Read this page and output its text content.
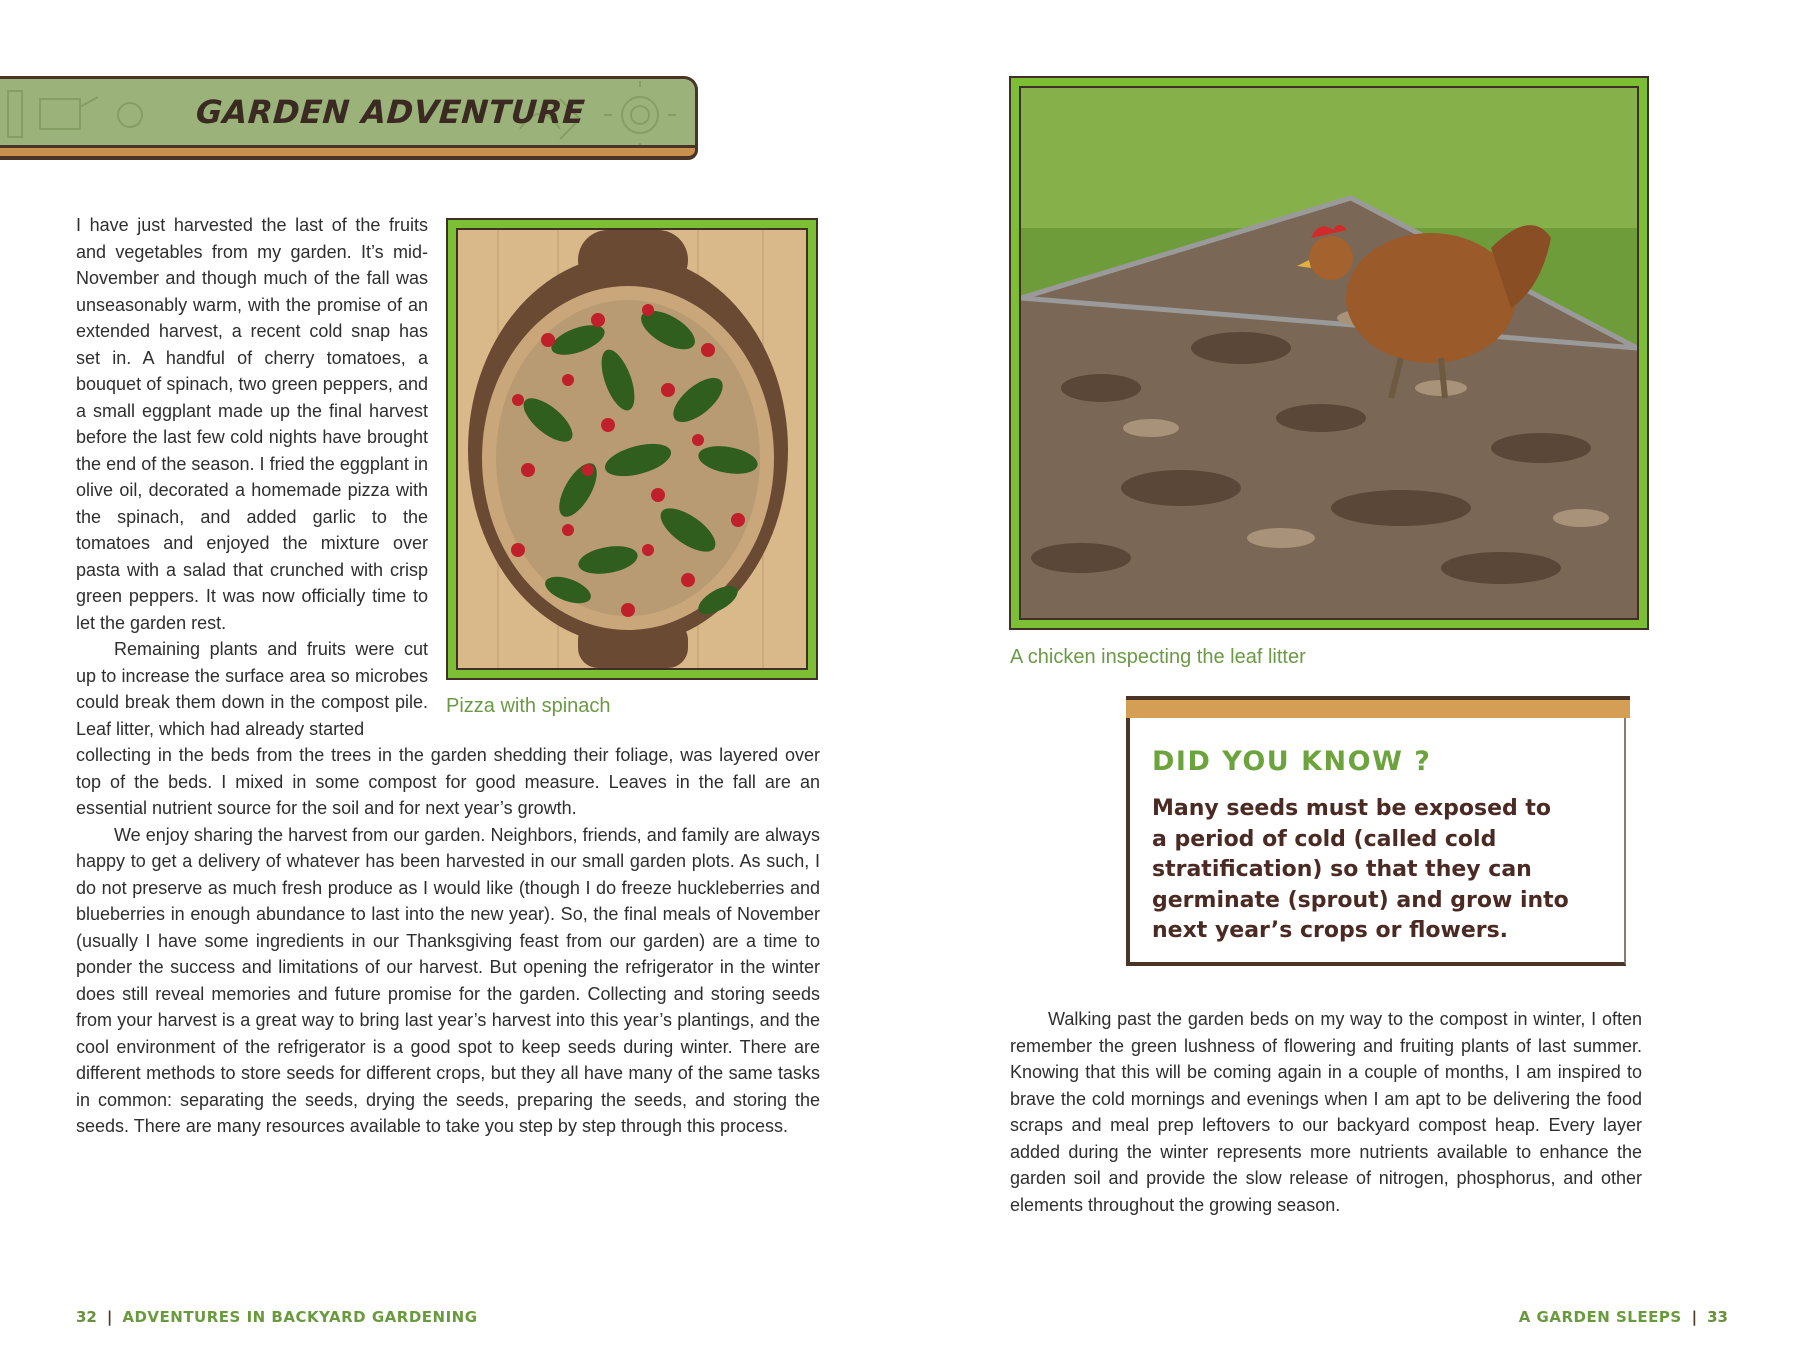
GARDEN ADVENTURE

I have just harvested the last of the fruits and vegetables from my garden. It’s mid-November and though much of the fall was unseasonably warm, with the promise of an extended harvest, a recent cold snap has set in. A handful of cherry tomatoes, a bouquet of spinach, two green peppers, and a small eggplant made up the final harvest before the last few cold nights have brought the end of the season. I fried the eggplant in olive oil, decorated a homemade pizza with the spinach, and added garlic to the tomatoes and enjoyed the mixture over pasta with a salad that crunched with crisp green peppers. It was now officially time to let the garden rest.

Remaining plants and fruits were cut up to increase the surface area so microbes could break them down in the compost pile. Leaf litter, which had already started

Pizza with spinach

collecting in the beds from the trees in the garden shedding their foliage, was layered over top of the beds. I mixed in some compost for good measure. Leaves in the fall are an essential nutrient source for the soil and for next year’s growth.

We enjoy sharing the harvest from our garden. Neighbors, friends, and family are always happy to get a delivery of whatever has been harvested in our small garden plots. As such, I do not preserve as much fresh produce as I would like (though I do freeze huckleberries and blueberries in enough abundance to last into the new year). So, the final meals of November (usually I have some ingredients in our Thanksgiving feast from our garden) are a time to ponder the success and limitations of our harvest. But opening the refrigerator in the winter does still reveal memories and future promise for the garden. Collecting and storing seeds from your harvest is a great way to bring last year’s harvest into this year’s plantings, and the cool environment of the refrigerator is a good spot to keep seeds during winter. There are different methods to store seeds for different crops, but they all have many of the same tasks in common: separating the seeds, drying the seeds, preparing the seeds, and storing the seeds. There are many resources available to take you step by step through this process.

32 | ADVENTURES IN BACKYARD GARDENING
A chicken inspecting the leaf litter
DID YOU KNOW ?
Many seeds must be exposed to a period of cold (called cold stratification) so that they can germinate (sprout) and grow into next year’s crops or flowers.

Walking past the garden beds on my way to the compost in winter, I often remember the green lushness of flowering and fruiting plants of last summer. Knowing that this will be coming again in a couple of months, I am inspired to brave the cold mornings and evenings when I am apt to be delivering the food scraps and meal prep leftovers to our backyard compost heap. Every layer added during the winter represents more nutrients available to enhance the garden soil and provide the slow release of nitrogen, phosphorus, and other elements throughout the growing season.

A GARDEN SLEEPS | 33
